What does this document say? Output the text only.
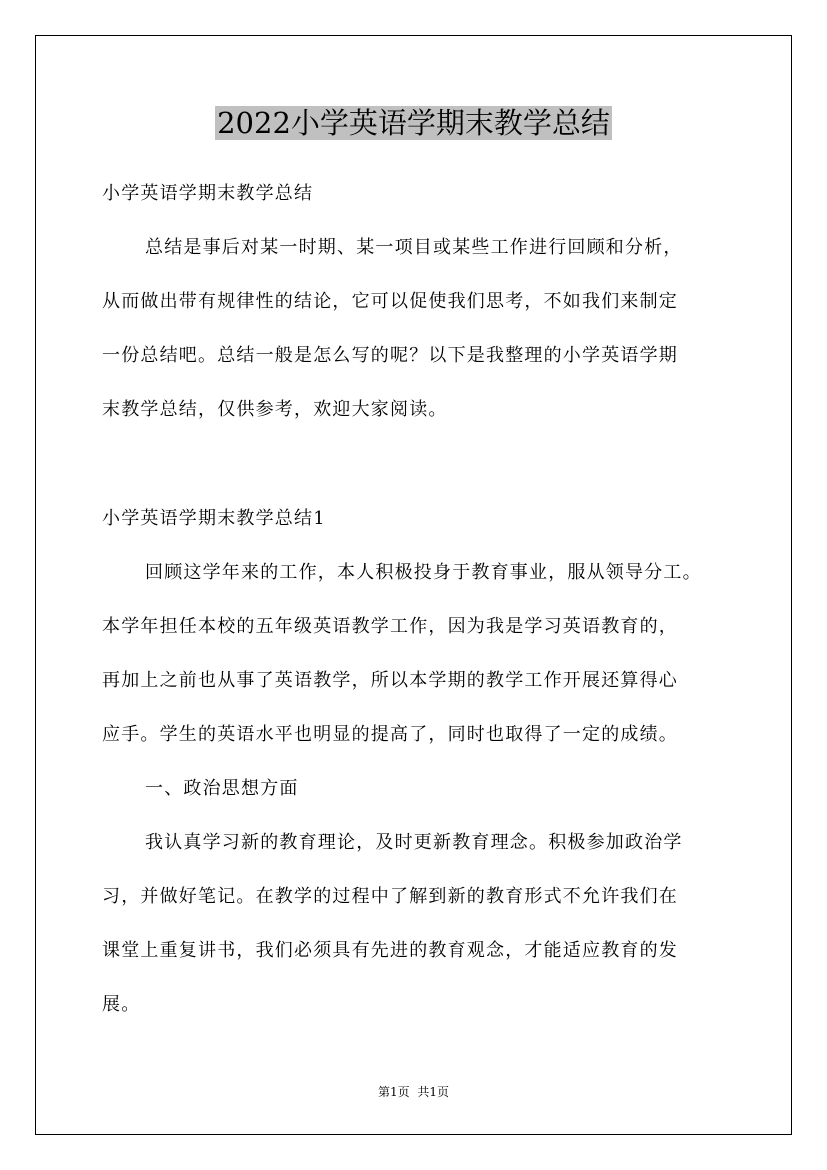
2022小学英语学期末教学总结
小学英语学期末教学总结
总结是事后对某一时期、某一项目或某些工作进行回顾和分析，
从而做出带有规律性的结论，它可以促使我们思考，不如我们来制定
一份总结吧。总结一般是怎么写的呢？以下是我整理的小学英语学期
末教学总结，仅供参考，欢迎大家阅读。
小学英语学期末教学总结1
回顾这学年来的工作，本人积极投身于教育事业，服从领导分工。
本学年担任本校的五年级英语教学工作，因为我是学习英语教育的，
再加上之前也从事了英语教学，所以本学期的教学工作开展还算得心
应手。学生的英语水平也明显的提高了，同时也取得了一定的成绩。
一、政治思想方面
我认真学习新的教育理论，及时更新教育理念。积极参加政治学
习，并做好笔记。在教学的过程中了解到新的教育形式不允许我们在
课堂上重复讲书，我们必须具有先进的教育观念，才能适应教育的发
展。
第1页 共1页
